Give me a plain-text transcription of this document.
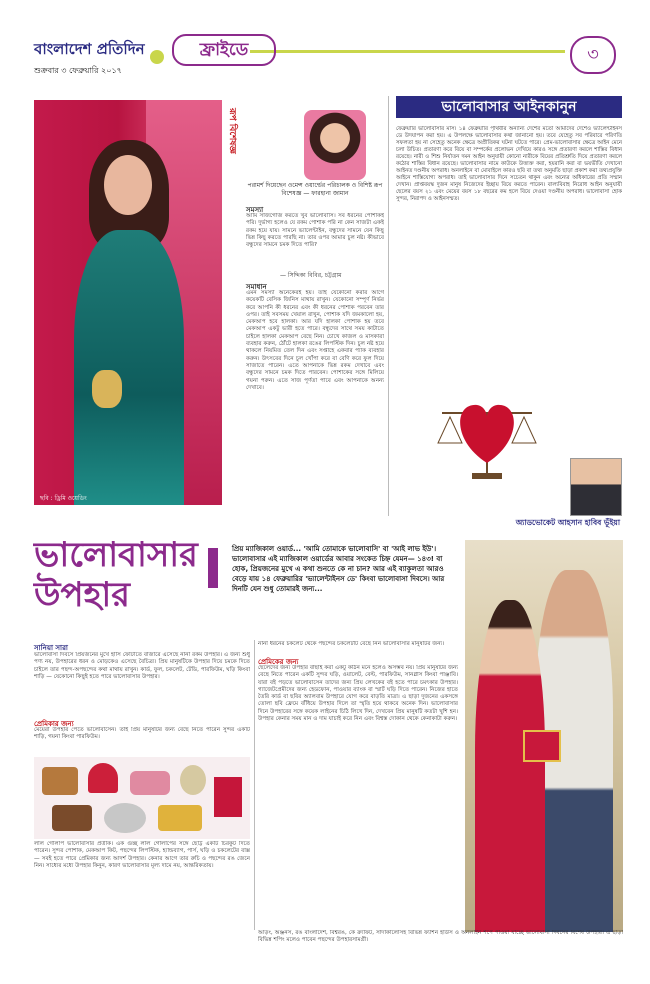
বাংলাদেশ প্রতিদিন
শুক্রবার ৩ ফেব্রুয়ারি ২০১৭
ফ্রাইডে	৩
ছবি : ড্রিমি ওয়েডিং
রূপ বিশেষজ্ঞ
পরামর্শ দিয়েছেন ওমেন্স ওয়ার্ল্ডের পরিচালক ও বিশিষ্ট রূপ বিশেষজ্ঞ — ফারহানা জামান
সমস্যা
আমি সাজগোজ করতে খুব ভালোবাসি। সব ধরনের পোশাকই পরি। দুর্ভাগ্য হলেও যে রকম পোশাক পরি না কেন সাজটা একই রকম হয়ে যায়। সামনে ভ্যালেন্টাইন, বন্ধুদের সামনে যেন কিছু ভিন্ন কিছু করতে পারছি না। তার ওপর আমার চুল নষ্ট। কীভাবে বন্ধুদের সামনে চমক দিতে পারি?
— সিদ্দিকা বিবির, চট্টগ্রাম
সমাধান
এমন সমস্যা অনেকেরই হয়। তাই যেকোনো করার আগে কয়েকটি বেসিক জিনিস মাথায় রাখুন। যেকোনো সম্পূর্ণ নির্ভর করে আপনি কী ধরনের এবং কী ধরনের পোশাক পরবেন তার ওপর। তাই সবসময় খেয়াল রাখুন, পোশাক যদি জমকালো হয়, মেকআপ হবে হালকা। আর যদি হালকা পোশাক হয় তবে মেকআপ একটু ভারী হতে পারে। বন্ধুদের সাথে সময় কাটাতে চাইলে হালকা মেকআপ বেছে নিন। চোখে কাজল ও মাসকারা ব্যবহার করুন, ঠোঁটে হালকা রঙের লিপস্টিক দিন। চুল নষ্ট হয়ে থাকলে নিয়মিত তেল দিন এবং সপ্তাহে একবার প্যাক ব্যবহার করুন। উৎসবের দিনে চুল খোঁপা করে বা বেণি করে ফুল দিয়ে সাজাতে পারেন। এতে আপনাকে ভিন্ন রকম দেখাবে এবং বন্ধুদের সামনে চমক দিতে পারবেন। পোশাকের সঙ্গে মিলিয়ে গয়না পরুন। এতে সাজ পূর্ণতা পাবে এবং আপনাকে অনন্য দেখাবে।
ভালোবাসার আইনকানুন
ফেব্রুয়ারি ভালোবাসার মাস। ১৪ ফেব্রুয়ারি পৃথিবীর অন্যান্য দেশের মতো আমাদের দেশেও ভ্যালেন্টাইনস ডে উদযাপন করা হয়। এ উপলক্ষে ভালোবাসার কথা জানানো হয়। তবে যেহেতু সব পরিবারে পরিণতি সফলতা হয় না সেহেতু অনেক ক্ষেত্রে অপ্রীতিকর ঘটনা ঘটতে পারে। প্রেম-ভালোবাসার ক্ষেত্রে আইন মেনে চলা উচিত। প্রতারণা করে বিয়ে বা সম্পর্কের প্রলোভন দেখিয়ে কারও সঙ্গে প্রতারণা করলে শাস্তির বিধান রয়েছে। নারী ও শিশু নির্যাতন দমন আইন অনুযায়ী কোনো নারীকে বিয়ের প্রতিশ্রুতি দিয়ে প্রতারণা করলে কঠোর শাস্তির বিধান রয়েছে। ভালোবাসার নামে কাউকে উত্ত্যক্ত করা, হয়রানি করা বা ভয়ভীতি দেখানো আইনত দণ্ডনীয় অপরাধ। অনলাইনে বা মোবাইলে কারও ছবি বা তথ্য অনুমতি ছাড়া প্রকাশ করা তথ্যপ্রযুক্তি আইনে শাস্তিযোগ্য অপরাধ। তাই ভালোবাসার দিনে সচেতন থাকুন এবং অন্যের অধিকারের প্রতি সম্মান দেখান। প্রাপ্তবয়স্ক দুজন মানুষ নিজেদের ইচ্ছায় বিয়ে করতে পারেন। বাল্যবিবাহ নিরোধ আইন অনুযায়ী ছেলের বয়স ২১ এবং মেয়ের বয়স ১৮ বছরের কম হলে বিয়ে দেওয়া দণ্ডনীয় অপরাধ। ভালোবাসা হোক সুন্দর, নিরাপদ ও আইনসম্মত।
অ্যাডভোকেট আহসান হাবিব ভূঁইয়া
ভালোবাসার উপহার
প্রিয় ম্যাজিকাল ওয়ার্ড... 'আমি তোমাকে ভালোবাসি' বা 'আই লাভ ইউ'। ভালোবাসার এই ম্যাজিকাল ওয়ার্ডের আবার সংকেত চিহ্ন যেমন— ১৪৩! বা হোক, প্রিয়জনের মুখে এ কথা শুনতে কে না চান? আর এই ব্যাকুলতা আরও বেড়ে যায় ১৪ ফেব্রুয়ারির 'ভ্যালেন্টাইনস ডে' কিংবা ভালোবাসা দিবসে। আর দিনটি যেন শুধু তোমারই জন্য...
সানিয়া সারা
ভালোবাসা দিবসে প্রিয়জনের মুখে হাসি ফোটাতে বাজারে এসেছে নানা রকম উপহার। এ জন্য শুধু পণ্য নয়, উপহারের ধরন ও মোড়কেও এসেছে বৈচিত্র্য। প্রিয় মানুষটিকে উপহার দিয়ে চমকে দিতে চাইলে তার পছন্দ-অপছন্দের কথা মাথায় রাখুন। কার্ড, ফুল, চকলেট, টেডি, পারফিউম, ঘড়ি কিংবা শাড়ি — যেকোনো কিছুই হতে পারে ভালোবাসার উপহার।
প্রেমিকার জন্য
মেয়েরা উপহার পেতে ভালোবাসেন। তাই প্রিয় মানুষটির জন্য বেছে নিতে পারেন সুন্দর একটি শাড়ি, গয়না কিংবা পারফিউম।
লাল গোলাপ ভালোবাসার প্রতীক। এক গুচ্ছ লাল গোলাপের সঙ্গে ছোট্ট একটি চিরকুট দিতে পারেন। সুন্দর পোশাক, মেকআপ কিট, পছন্দের লিপস্টিক, হ্যান্ডব্যাগ, পার্স, ঘড়ি ও চকলেটের বাক্স — সবই হতে পারে প্রেমিকার জন্য আদর্শ উপহার। কেনার আগে তার রুচি ও পছন্দের রঙ জেনে নিন। সাধ্যের মধ্যে উপহার কিনুন, কারণ ভালোবাসার মূল্য দামে নয়, আন্তরিকতায়।
নানা ধরনের চকলেট থেকে পছন্দের চকলেটটি বেছে নিন ভালোবাসার মানুষটির জন্য।
প্রেমিকের জন্য
ছেলেদের জন্য উপহার বাছাই করা একটু কঠিন মনে হলেও অসম্ভব নয়। প্রিয় মানুষটির জন্য বেছে নিতে পারেন একটি সুন্দর ঘড়ি, ওয়ালেট, বেল্ট, পারফিউম, সানগ্লাস কিংবা পাঞ্জাবি। যারা বই পড়তে ভালোবাসেন তাদের জন্য প্রিয় লেখকের বই হতে পারে চমৎকার উপহার। গ্যাজেটপ্রেমীদের জন্য হেডফোন, পাওয়ার ব্যাংক বা স্মার্ট ঘড়ি দিতে পারেন। নিজের হাতে তৈরি কার্ড বা ছবির অ্যালবাম উপহারে যোগ করে বাড়তি মাত্রা। এ ছাড়া দুজনের একসঙ্গে তোলা ছবি ফ্রেমে বাঁধিয়ে উপহার দিলে তা স্মৃতি হয়ে থাকবে অনেক দিন। ভালোবাসার দিনে উপহারের সঙ্গে কয়েক লাইনের চিঠি লিখে দিন, দেখবেন প্রিয় মানুষটি কতটা খুশি হন। উপহার কেনার সময় মান ও দাম যাচাই করে নিন এবং বিশ্বস্ত দোকান থেকে কেনাকাটা করুন।
আড়ং, অঞ্জনস, রঙ বাংলাদেশ, বিশ্বরঙ, কে ক্র্যাফট, সাদাকালোসহ বিভিন্ন ফ্যাশন হাউস ও অনলাইন শপে পাওয়া যাচ্ছে ভালোবাসা দিবসের বিশেষ উপহার। এ ছাড়া বিভিন্ন শপিং মলেও পাবেন পছন্দের উপহারসামগ্রী।
